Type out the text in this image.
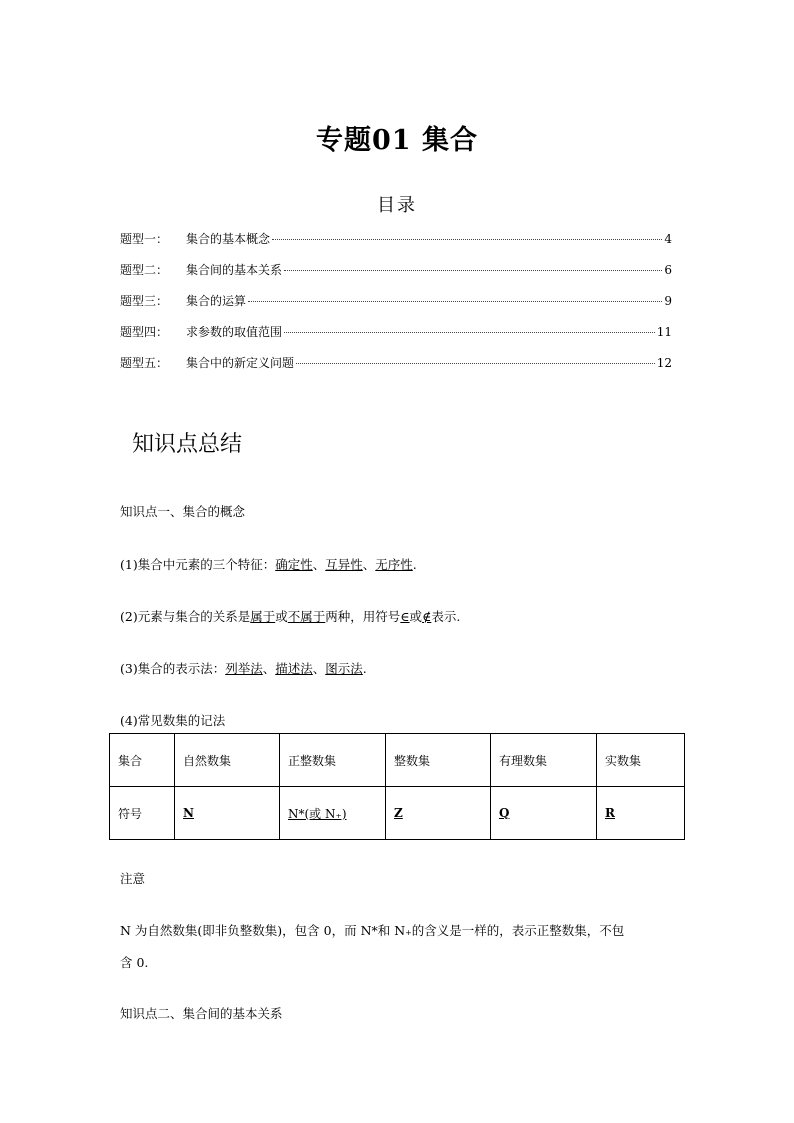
专题01 集合
目录
题型一：	集合的基本概念	4
题型二：	集合间的基本关系	6
题型三：	集合的运算	9
题型四：	求参数的取值范围	11
题型五：	集合中的新定义问题	12
知识点总结
知识点一、集合的概念
(1)集合中元素的三个特征：确定性、互异性、无序性.
(2)元素与集合的关系是属于或不属于两种，用符号∈或∉表示.
(3)集合的表示法：列举法、描述法、图示法.
(4)常见数集的记法
集合	自然数集	正整数集	整数集	有理数集	实数集
符号	N	N*(或 N₊)	Z	Q	R
注意
N 为自然数集(即非负整数集)，包含 0，而 N*和 N₊的含义是一样的，表示正整数集，不包
含 0.
知识点二、集合间的基本关系
